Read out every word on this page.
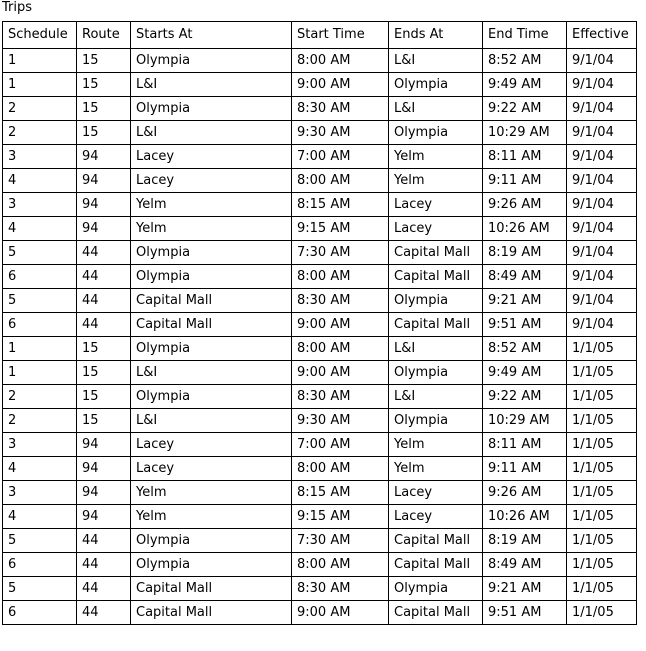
Trips
Schedule	Route	Starts At	Start Time	Ends At	End Time	Effective
1	15	Olympia	8:00 AM	L&I	8:52 AM	9/1/04
1	15	L&I	9:00 AM	Olympia	9:49 AM	9/1/04
2	15	Olympia	8:30 AM	L&I	9:22 AM	9/1/04
2	15	L&I	9:30 AM	Olympia	10:29 AM	9/1/04
3	94	Lacey	7:00 AM	Yelm	8:11 AM	9/1/04
4	94	Lacey	8:00 AM	Yelm	9:11 AM	9/1/04
3	94	Yelm	8:15 AM	Lacey	9:26 AM	9/1/04
4	94	Yelm	9:15 AM	Lacey	10:26 AM	9/1/04
5	44	Olympia	7:30 AM	Capital Mall	8:19 AM	9/1/04
6	44	Olympia	8:00 AM	Capital Mall	8:49 AM	9/1/04
5	44	Capital Mall	8:30 AM	Olympia	9:21 AM	9/1/04
6	44	Capital Mall	9:00 AM	Capital Mall	9:51 AM	9/1/04
1	15	Olympia	8:00 AM	L&I	8:52 AM	1/1/05
1	15	L&I	9:00 AM	Olympia	9:49 AM	1/1/05
2	15	Olympia	8:30 AM	L&I	9:22 AM	1/1/05
2	15	L&I	9:30 AM	Olympia	10:29 AM	1/1/05
3	94	Lacey	7:00 AM	Yelm	8:11 AM	1/1/05
4	94	Lacey	8:00 AM	Yelm	9:11 AM	1/1/05
3	94	Yelm	8:15 AM	Lacey	9:26 AM	1/1/05
4	94	Yelm	9:15 AM	Lacey	10:26 AM	1/1/05
5	44	Olympia	7:30 AM	Capital Mall	8:19 AM	1/1/05
6	44	Olympia	8:00 AM	Capital Mall	8:49 AM	1/1/05
5	44	Capital Mall	8:30 AM	Olympia	9:21 AM	1/1/05
6	44	Capital Mall	9:00 AM	Capital Mall	9:51 AM	1/1/05
